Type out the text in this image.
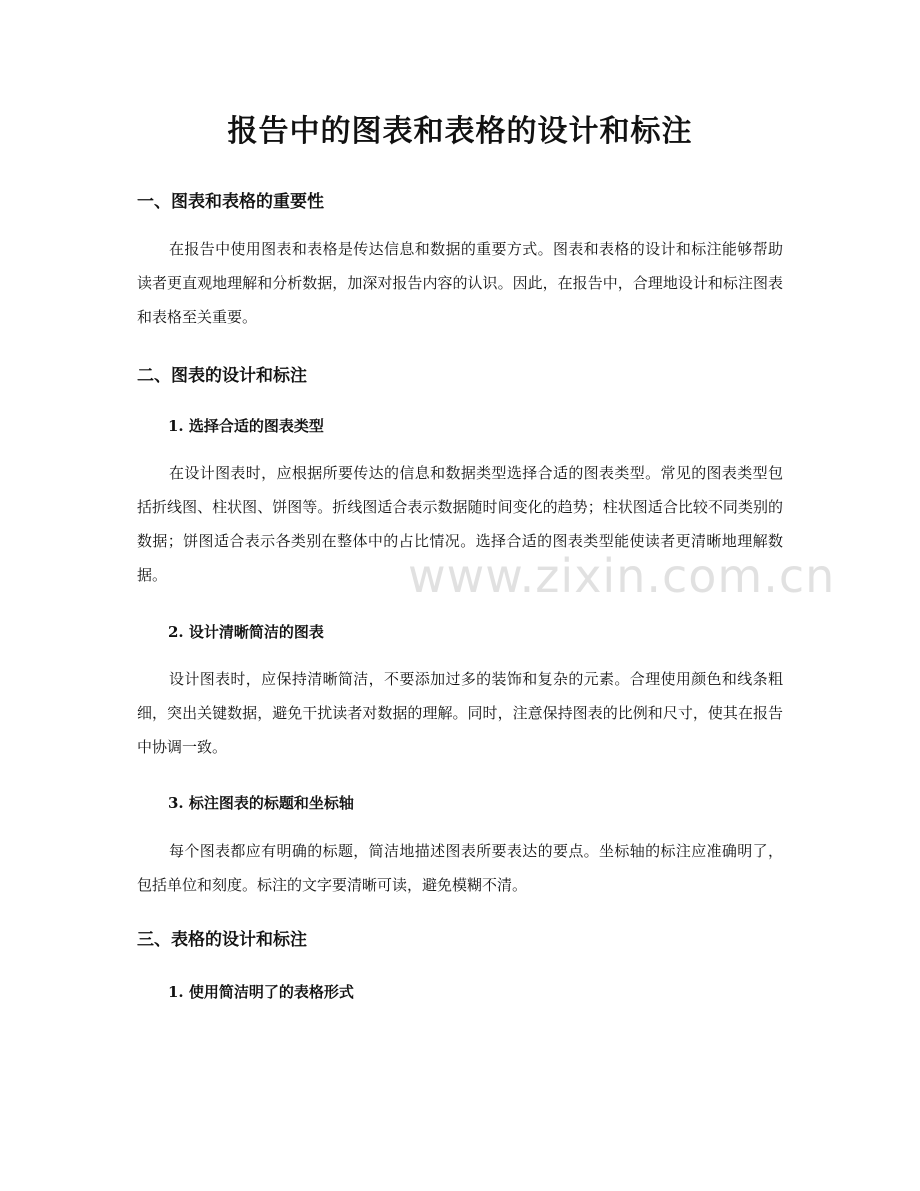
报告中的图表和表格的设计和标注
一、图表和表格的重要性

在报告中使用图表和表格是传达信息和数据的重要方式。图表和表格的设计和标注能够帮助读者更直观地理解和分析数据，加深对报告内容的认识。因此，在报告中，合理地设计和标注图表和表格至关重要。

二、图表的设计和标注
1. 选择合适的图表类型

在设计图表时，应根据所要传达的信息和数据类型选择合适的图表类型。常见的图表类型包括折线图、柱状图、饼图等。折线图适合表示数据随时间变化的趋势；柱状图适合比较不同类别的数据；饼图适合表示各类别在整体中的占比情况。选择合适的图表类型能使读者更清晰地理解数据。

2. 设计清晰简洁的图表

设计图表时，应保持清晰简洁，不要添加过多的装饰和复杂的元素。合理使用颜色和线条粗细，突出关键数据，避免干扰读者对数据的理解。同时，注意保持图表的比例和尺寸，使其在报告中协调一致。

3. 标注图表的标题和坐标轴

每个图表都应有明确的标题，简洁地描述图表所要表达的要点。坐标轴的标注应准确明了，包括单位和刻度。标注的文字要清晰可读，避免模糊不清。

三、表格的设计和标注
1. 使用简洁明了的表格形式
www.zixin.com.cn
